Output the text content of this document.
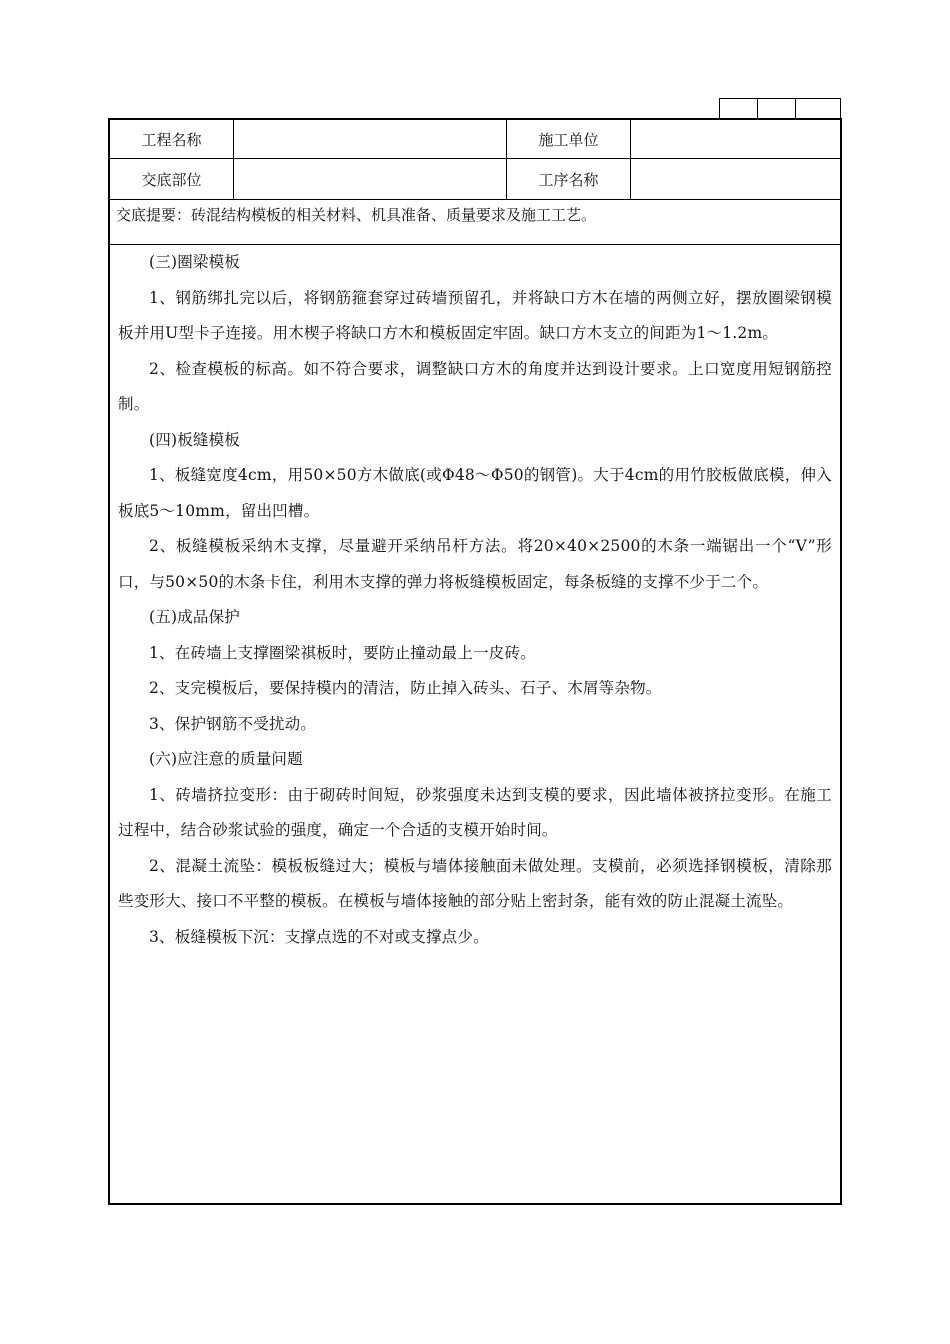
工程名称	施工单位
交底部位	工序名称
交底提要：砖混结构模板的相关材料、机具准备、质量要求及施工工艺。

(三)圈梁模板

1、钢筋绑扎完以后，将钢筋箍套穿过砖墙预留孔，并将缺口方木在墙的两侧立好，摆放圈梁钢模板并用U型卡子连接。用木楔子将缺口方木和模板固定牢固。缺口方木支立的间距为1～1.2m。

2、检查模板的标高。如不符合要求，调整缺口方木的角度并达到设计要求。上口宽度用短钢筋控制。

(四)板缝模板

1、板缝宽度4cm，用50×50方木做底(或Φ48～Φ50的钢管)。大于4cm的用竹胶板做底模，伸入板底5～10mm，留出凹槽。

2、板缝模板采纳木支撑，尽量避开采纳吊杆方法。将20×40×2500的木条一端锯出一个“V”形口，与50×50的木条卡住，利用木支撑的弹力将板缝模板固定，每条板缝的支撑不少于二个。

(五)成品保护

1、在砖墙上支撑圈梁祺板时，要防止撞动最上一皮砖。

2、支完模板后，要保持模内的清洁，防止掉入砖头、石子、木屑等杂物。

3、保护钢筋不受扰动。

(六)应注意的质量问题

1、砖墙挤拉变形：由于砌砖时间短，砂浆强度未达到支模的要求，因此墙体被挤拉变形。在施工过程中，结合砂浆试验的强度，确定一个合适的支模开始时间。

2、混凝土流坠：模板板缝过大；模板与墙体接触面未做处理。支模前，必须选择钢模板，清除那些变形大、接口不平整的模板。在模板与墙体接触的部分贴上密封条，能有效的防止混凝土流坠。

3、板缝模板下沉：支撑点选的不对或支撑点少。
